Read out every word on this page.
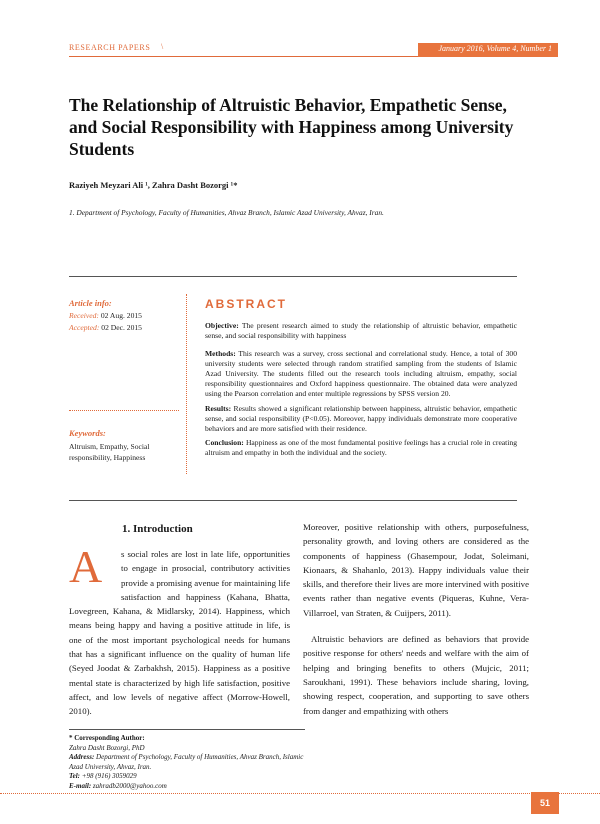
RESEARCH PAPERS \	January 2016, Volume 4, Number 1
The Relationship of Altruistic Behavior, Empathetic Sense, and Social Responsibility with Happiness among University Students
Raziyeh Meyzari Ali ¹, Zahra Dasht Bozorgi ¹*
1. Department of Psychology, Faculty of Humanities, Ahvaz Branch, Islamic Azad University, Ahvaz, Iran.
Article info:
Received: 02 Aug. 2015
Accepted: 02 Dec. 2015
Keywords:
Altruism, Empathy, Social responsibility, Happiness
ABSTRACT
Objective: The present research aimed to study the relationship of altruistic behavior, empathetic sense, and social responsibility with happiness
Methods: This research was a survey, cross sectional and correlational study. Hence, a total of 300 university students were selected through random stratified sampling from the students of Islamic Azad University. The students filled out the research tools including altruism, empathy, social responsibility questionnaires and Oxford happiness questionnaire. The obtained data were analyzed using the Pearson correlation and enter multiple regressions by SPSS version 20.
Results: Results showed a significant relationship between happiness, altruistic behavior, empathetic sense, and social responsibility (P<0.05). Moreover, happy individuals demonstrate more cooperative behaviors and are more satisfied with their residence.
Conclusion: Happiness as one of the most fundamental positive feelings has a crucial role in creating altruism and empathy in both the individual and the society.
1. Introduction
A	s social roles are lost in late life, opportunities to engage in prosocial, contributory activities provide a promising avenue for maintaining life satisfaction and happiness (Kahana, Bhatta, Lovegreen, Kahana, & Midlarsky, 2014). Happiness, which means being happy and having a positive attitude in life, is one of the most important psychological needs for humans that has a significant influence on the quality of human life (Seyed Joodat & Zarbakhsh, 2015). Happiness as a positive mental state is characterized by high life satisfaction, positive affect, and low levels of negative affect (Morrow-Howell, 2010).
Moreover, positive relationship with others, purposefulness, personality growth, and loving others are considered as the components of happiness (Ghasempour, Jodat, Soleimani, Kionaars, & Shahanlo, 2013). Happy individuals value their skills, and therefore their lives are more intervined with positive events rather than negative events (Piqueras, Kuhne, Vera-Villarroel, van Straten, & Cuijpers, 2011).
Altruistic behaviors are defined as behaviors that provide positive response for others' needs and welfare with the aim of helping and bringing benefits to others (Mujcic, 2011; Saroukhani, 1991). These behaviors include sharing, loving, showing respect, cooperation, and supporting to save others from danger and empathizing with others
* Corresponding Author:
Zahra Dasht Bozorgi, PhD
Address: Department of Psychology, Faculty of Humanities, Ahvaz Branch, Islamic Azad University, Ahvaz, Iran.
Tel: +98 (916) 3059029
E-mail: zahradb2000@yahoo.com
51
